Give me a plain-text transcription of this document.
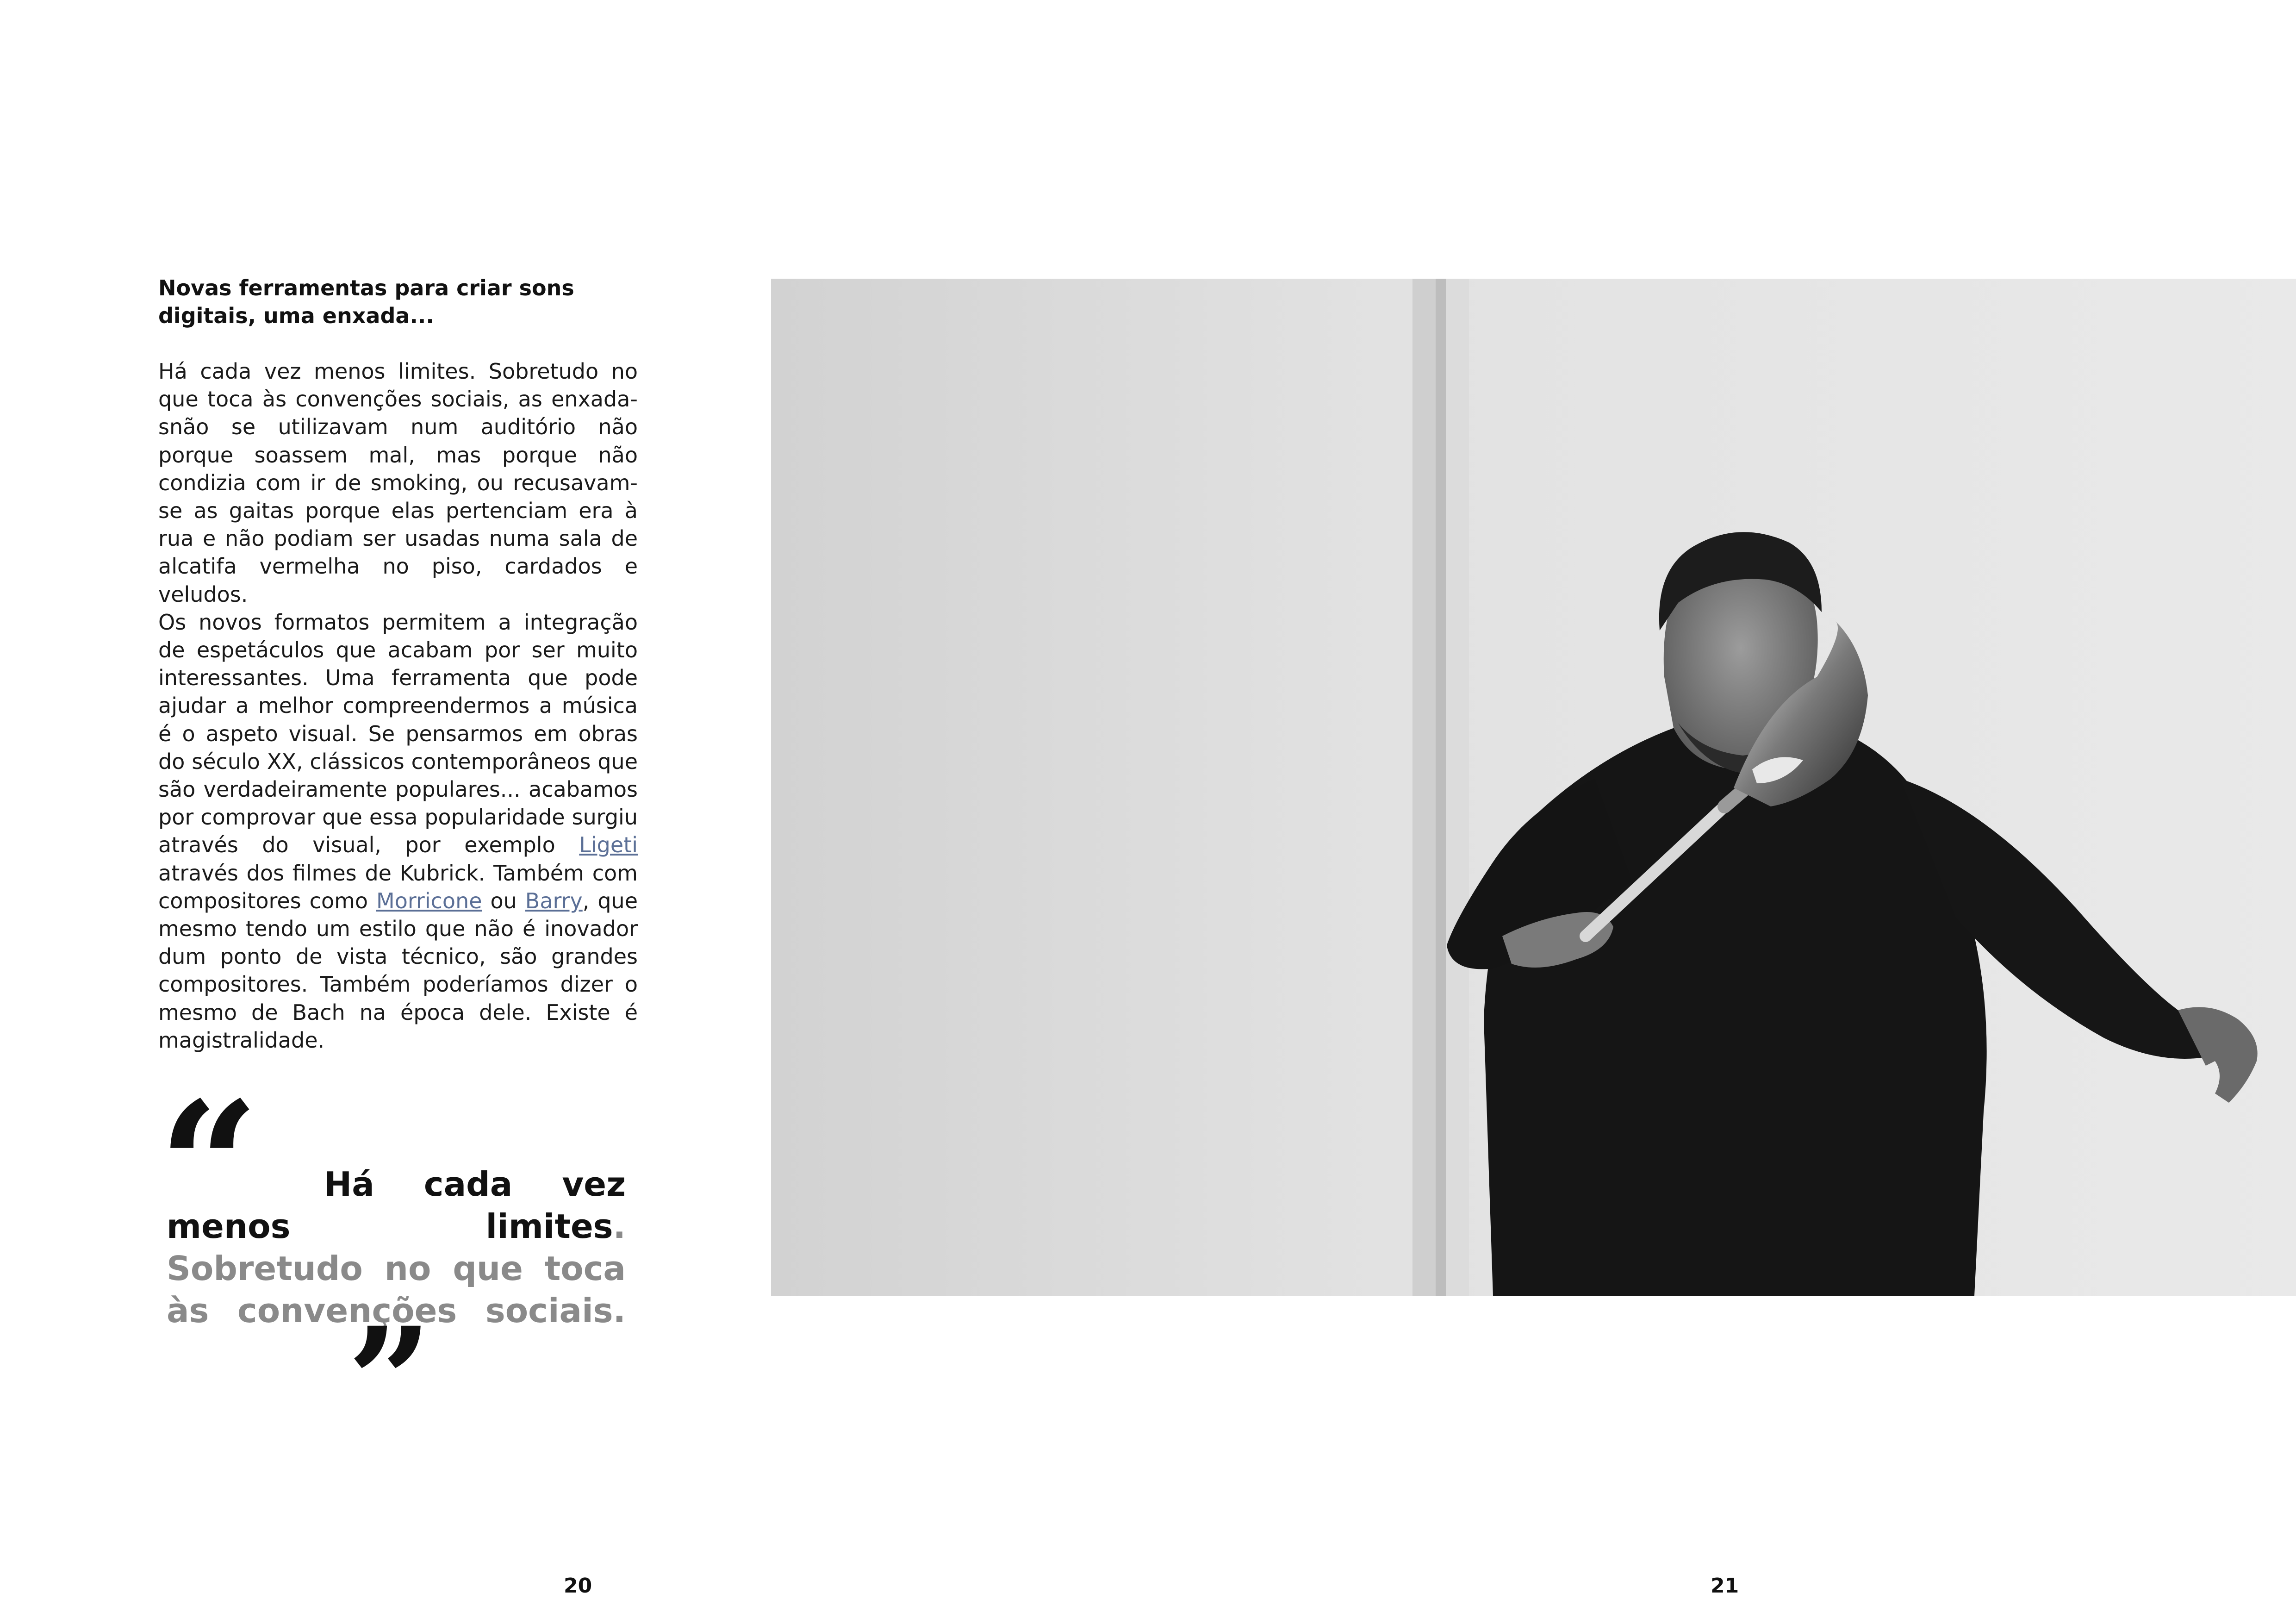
Novas ferramentas para criar sons digitais, uma enxada...

Há cada vez menos limites. Sobretudo no que toca às convenções sociais, as enxadasnão se utilizavam num auditório não porque soassem mal, mas porque não condizia com ir de smoking, ou recusavam-se as gaitas porque elas pertenciam era à rua e não podiam ser usadas numa sala de alcatifa vermelha no piso, cardados e veludos.

Os novos formatos permitem a integração de espetáculos que acabam por ser muito interessantes. Uma ferramenta que pode ajudar a melhor compreendermos a música é o aspeto visual. Se pensarmos em obras do século XX, clássicos contemporâneos que são verdadeiramente populares... acabamos por comprovar que essa popularidade surgiu através do visual, por exemplo Ligeti através dos filmes de Kubrick. Também com compositores como Morricone ou Barry, que mesmo tendo um estilo que não é inovador dum ponto de vista técnico, são grandes compositores. Também poderíamos dizer o mesmo de Bach na época dele. Existe é magistralidade.

“	Há cada vez menos limites. Sobretudo no que toca às convenções sociais.”
20	21
